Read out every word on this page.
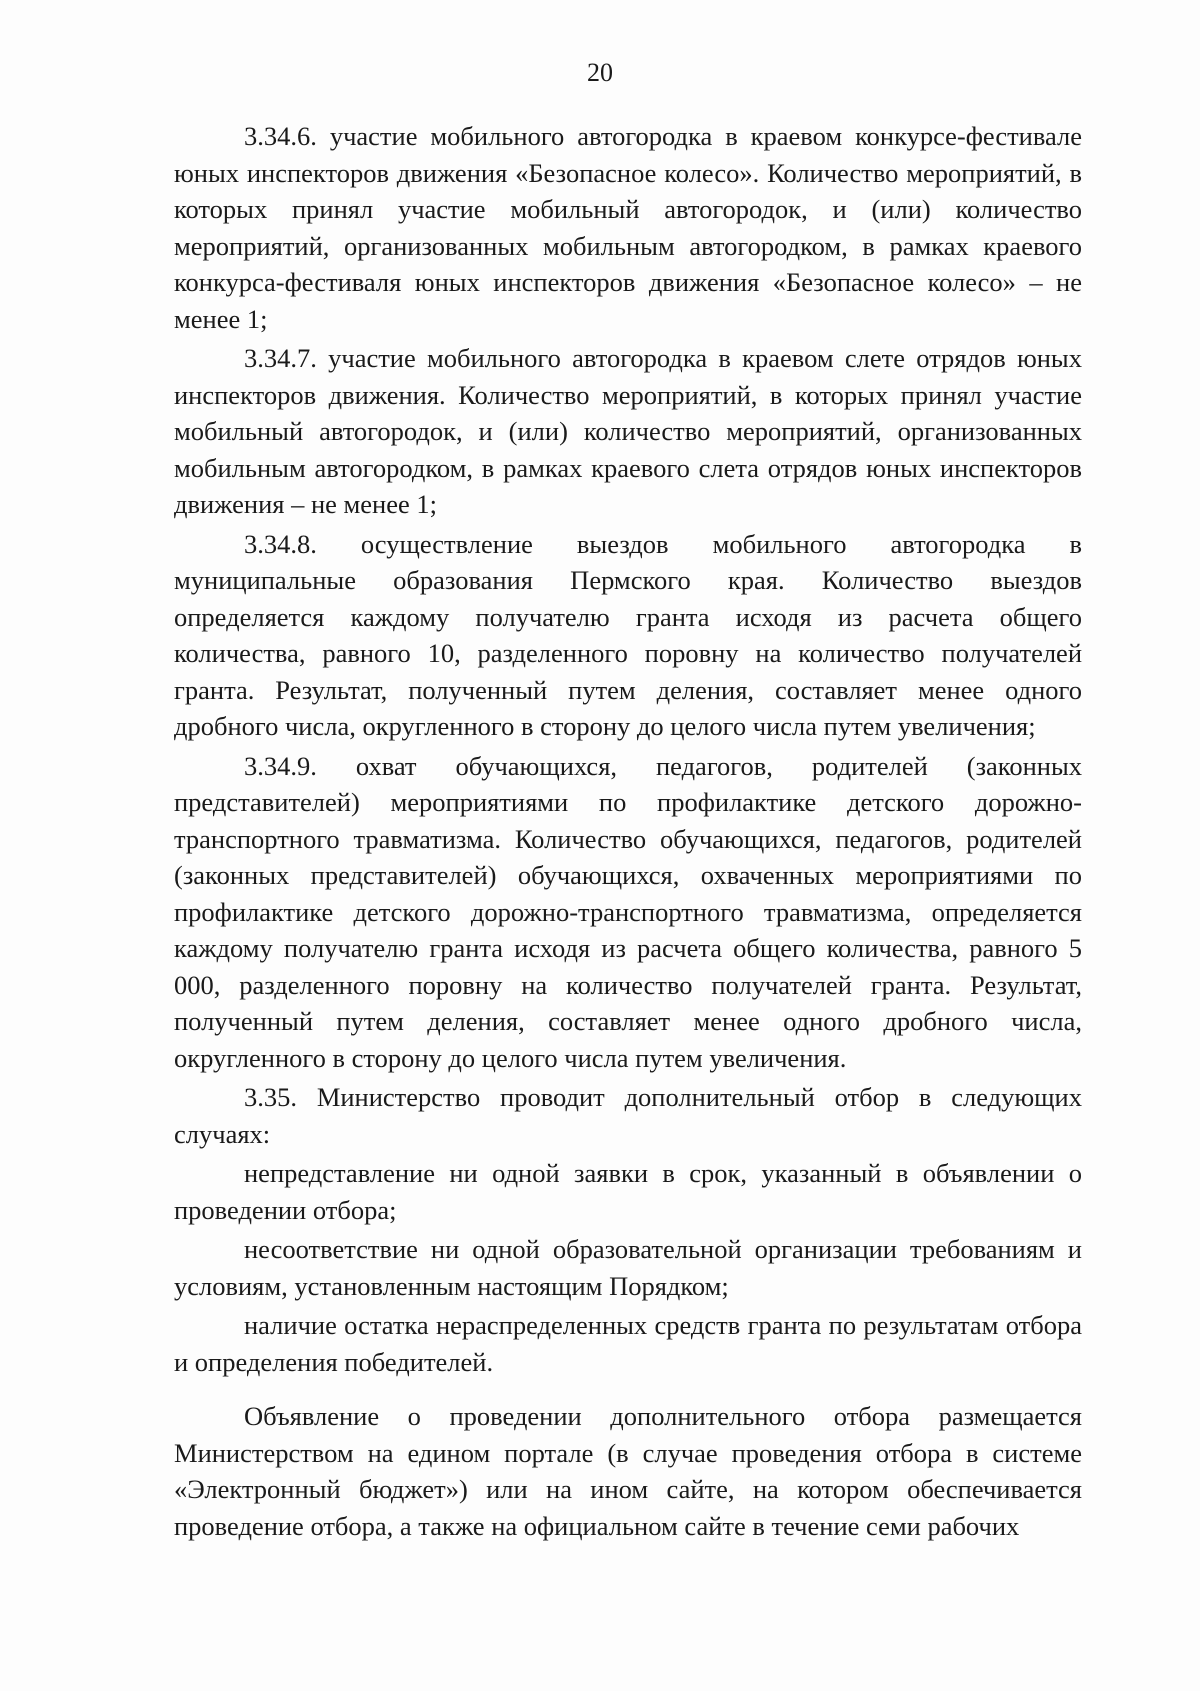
20

3.34.6. участие мобильного автогородка в краевом конкурсе-фестивале юных инспекторов движения «Безопасное колесо». Количество мероприятий, в которых принял участие мобильный автогородок, и (или) количество мероприятий, организованных мобильным автогородком, в рамках краевого конкурса-фестиваля юных инспекторов движения «Безопасное колесо» – не менее 1;

3.34.7. участие мобильного автогородка в краевом слете отрядов юных инспекторов движения. Количество мероприятий, в которых принял участие мобильный автогородок, и (или) количество мероприятий, организованных мобильным автогородком, в рамках краевого слета отрядов юных инспекторов движения – не менее 1;

3.34.8. осуществление выездов мобильного автогородка в муниципальные образования Пермского края. Количество выездов определяется каждому получателю гранта исходя из расчета общего количества, равного 10, разделенного поровну на количество получателей гранта. Результат, полученный путем деления, составляет менее одного дробного числа, округленного в сторону до целого числа путем увеличения;

3.34.9. охват обучающихся, педагогов, родителей (законных представителей) мероприятиями по профилактике детского дорожно-транспортного травматизма. Количество обучающихся, педагогов, родителей (законных представителей) обучающихся, охваченных мероприятиями по профилактике детского дорожно-транспортного травматизма, определяется каждому получателю гранта исходя из расчета общего количества, равного 5 000, разделенного поровну на количество получателей гранта. Результат, полученный путем деления, составляет менее одного дробного числа, округленного в сторону до целого числа путем увеличения.

3.35. Министерство проводит дополнительный отбор в следующих случаях:

непредставление ни одной заявки в срок, указанный в объявлении о проведении отбора;

несоответствие ни одной образовательной организации требованиям и условиям, установленным настоящим Порядком;

наличие остатка нераспределенных средств гранта по результатам отбора и определения победителей.

Объявление о проведении дополнительного отбора размещается Министерством на едином портале (в случае проведения отбора в системе «Электронный бюджет») или на ином сайте, на котором обеспечивается проведение отбора, а также на официальном сайте в течение семи рабочих
